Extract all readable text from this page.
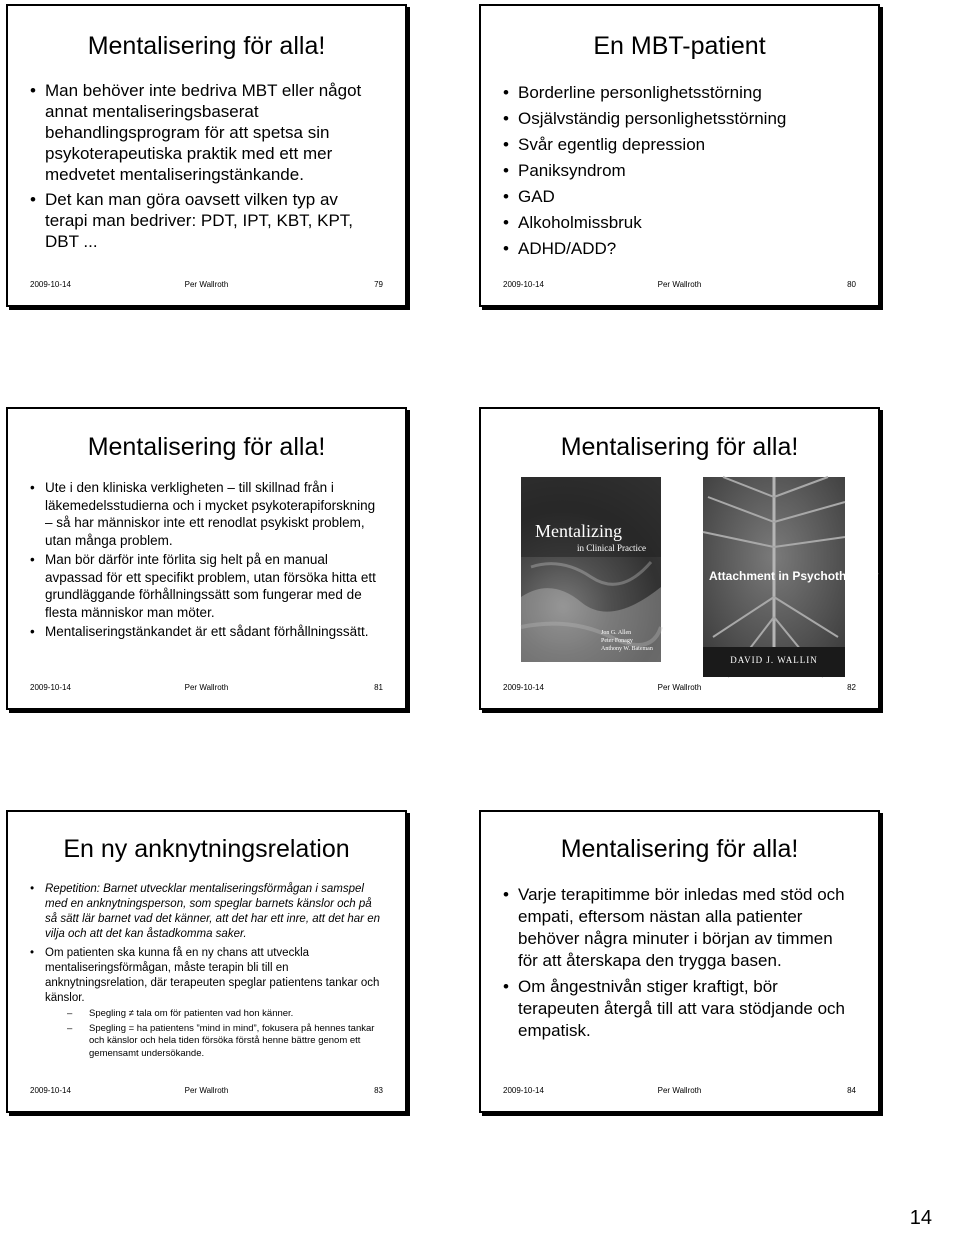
Mentalisering för alla!
• Man behöver inte bedriva MBT eller något annat mentaliseringsbaserat behandlingsprogram för att spetsa sin psykoterapeutiska praktik med ett mer medvetet mentaliseringstänkande.
• Det kan man göra oavsett vilken typ av terapi man bedriver: PDT, IPT, KBT, KPT, DBT ...
2009-10-14	Per Wallroth	79
En MBT-patient
• Borderline personlighetsstörning
• Osjälvständig personlighetsstörning
• Svår egentlig depression
• Paniksyndrom
• GAD
• Alkoholmissbruk
• ADHD/ADD?
2009-10-14	Per Wallroth	80
Mentalisering för alla!
• Ute i den kliniska verkligheten – till skillnad från i läkemedelsstudierna och i mycket psykoterapiforskning – så har människor inte ett renodlat psykiskt problem, utan många problem.
• Man bör därför inte förlita sig helt på en manual avpassad för ett specifikt problem, utan försöka hitta ett grundläggande förhållningssätt som fungerar med de flesta människor man möter.
• Mentaliseringstänkandet är ett sådant förhållningssätt.
2009-10-14	Per Wallroth	81
Mentalisering för alla!
Mentalizing
in Clinical Practice
Jon G. Allen
Peter Fonagy
Anthony W. Bateman
Attachment in Psychotherapy
DAVID J. WALLIN
2009-10-14	Per Wallroth	82
En ny anknytningsrelation
• Repetition: Barnet utvecklar mentaliseringsförmågan i samspel med en anknytningsperson, som speglar barnets känslor och på så sätt lär barnet vad det känner, att det har ett inre, att det har en vilja och att det kan åstadkomma saker.
• Om patienten ska kunna få en ny chans att utveckla mentaliseringsförmågan, måste terapin bli till en anknytningsrelation, där terapeuten speglar patientens tankar och känslor.
– Spegling ≠ tala om för patienten vad hon känner.
– Spegling = ha patientens ”mind in mind”, fokusera på hennes tankar och känslor och hela tiden försöka förstå henne bättre genom ett gemensamt undersökande.
2009-10-14	Per Wallroth	83
Mentalisering för alla!
• Varje terapitimme bör inledas med stöd och empati, eftersom nästan alla patienter behöver några minuter i början av timmen för att återskapa den trygga basen.
• Om ångestnivån stiger kraftigt, bör terapeuten återgå till att vara stödjande och empatisk.
2009-10-14	Per Wallroth	84
14
